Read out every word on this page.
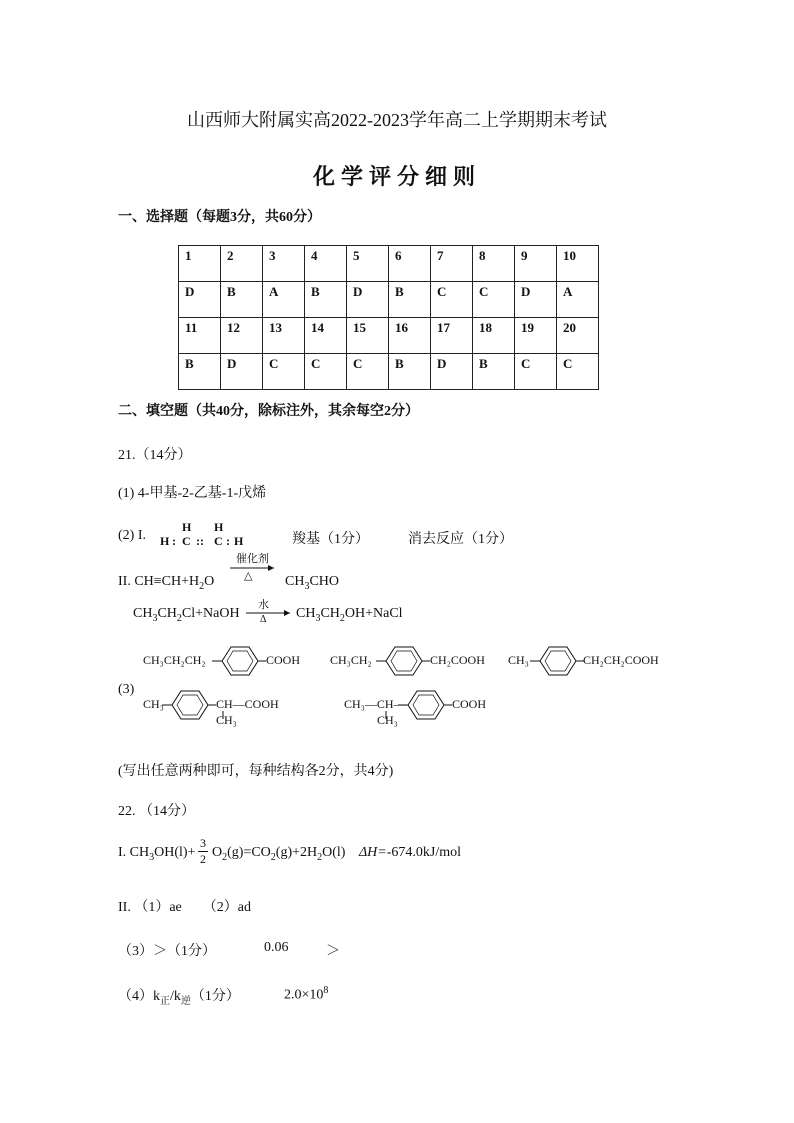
山西师大附属实高2022-2023学年高二上学期期末考试
化学评分细则
一、选择题（每题3分，共60分）
1	2	3	4	5	6	7	8	9	10
D	B	A	B	D	B	C	C	D	A
11	12	13	14	15	16	17	18	19	20
B	D	C	C	C	B	D	B	C	C
二、填空题（共40分，除标注外，其余每空2分）
21.（14分）
(1) 4-甲基-2-乙基-1-戊烯
(2) I.
H H
H : C :: C : H	羧基（1分）	消去反应（1分）
II. $CH\equiv CH+H_2O$
催化剂
△ $CH_3CHO$
$CH_3CH_2Cl+NaOH$
水
Δ $CH_3CH_2OH+NaCl$
(3)
CH₃CH₂CH₂	COOH CH₃CH₂	CH₂COOH CH₃	CH₂CH₂COOH
CH₃	CH—COOH
CH₃
CH₃—CH—
CH₃
COOH
(写出任意两种即可，每种结构各2分，共4分)
22. （14分）
I. $CH_3OH(l)+$
3
2 $O_2(g)=CO_2(g)+2H_2O(l)$ ΔH=-674.0kJ/mol
II. （1）ae　　（2）ad
（3）＞（1分）	0.06	＞
$(4)k_正/k_逆(1$分）	$2.0\times 10^8$
